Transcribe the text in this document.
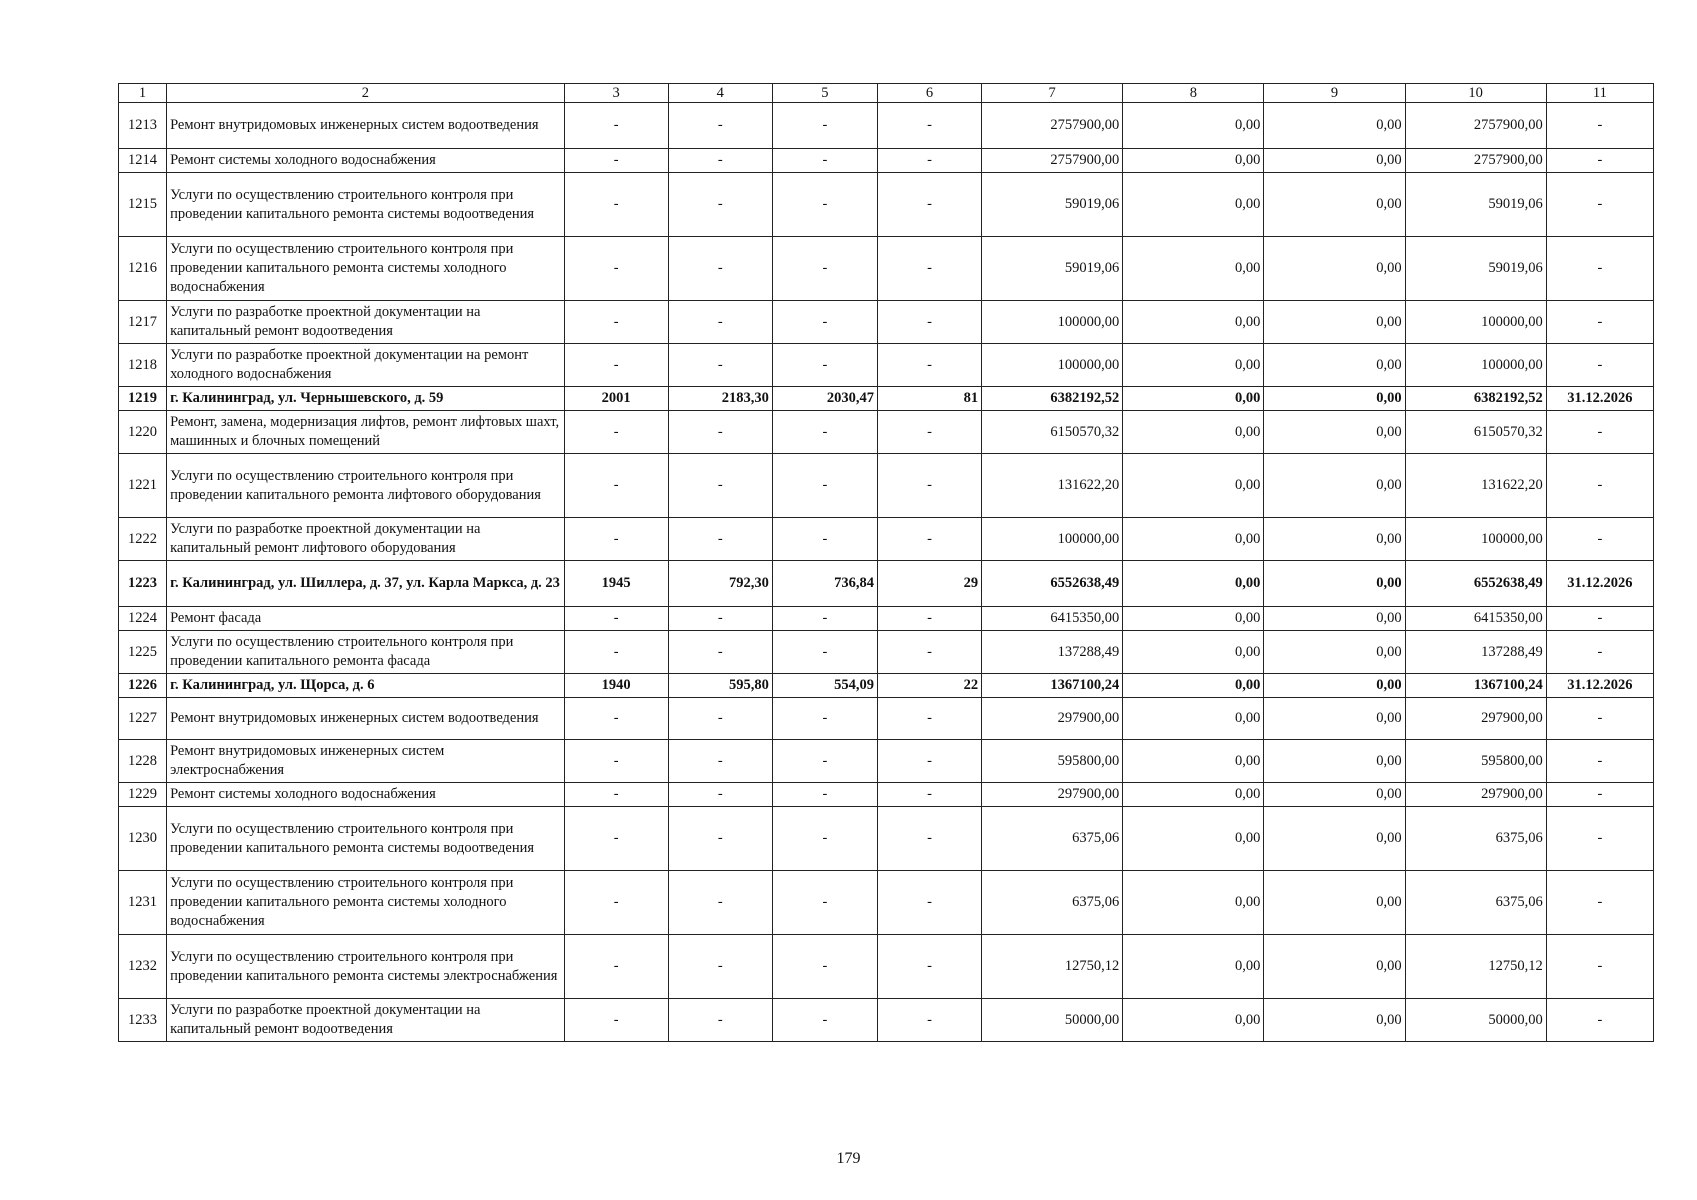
1	2	3	4	5	6	7	8	9	10	11
1213	Ремонт внутридомовых инженерных систем водоотведения	-	-	-	-	2757900,00	0,00	0,00	2757900,00	-
1214	Ремонт системы холодного водоснабжения	-	-	-	-	2757900,00	0,00	0,00	2757900,00	-
1215	Услуги по осуществлению строительного контроля при проведении капитального ремонта системы водоотведения	-	-	-	-	59019,06	0,00	0,00	59019,06	-
1216	Услуги по осуществлению строительного контроля при проведении капитального ремонта системы холодного водоснабжения	-	-	-	-	59019,06	0,00	0,00	59019,06	-
1217	Услуги по разработке проектной документации на капитальный ремонт водоотведения	-	-	-	-	100000,00	0,00	0,00	100000,00	-
1218	Услуги по разработке проектной документации на ремонт холодного водоснабжения	-	-	-	-	100000,00	0,00	0,00	100000,00	-
1219	г. Калининград, ул. Чернышевского, д. 59	2001	2183,30	2030,47	81	6382192,52	0,00	0,00	6382192,52	31.12.2026
1220	Ремонт, замена, модернизация лифтов, ремонт лифтовых шахт, машинных и блочных помещений	-	-	-	-	6150570,32	0,00	0,00	6150570,32	-
1221	Услуги по осуществлению строительного контроля при проведении капитального ремонта лифтового оборудования	-	-	-	-	131622,20	0,00	0,00	131622,20	-
1222	Услуги по разработке проектной документации на капитальный ремонт лифтового оборудования	-	-	-	-	100000,00	0,00	0,00	100000,00	-
1223	г. Калининград, ул. Шиллера, д. 37, ул. Карла Маркса, д. 23	1945	792,30	736,84	29	6552638,49	0,00	0,00	6552638,49	31.12.2026
1224	Ремонт фасада	-	-	-	-	6415350,00	0,00	0,00	6415350,00	-
1225	Услуги по осуществлению строительного контроля при проведении капитального ремонта фасада	-	-	-	-	137288,49	0,00	0,00	137288,49	-
1226	г. Калининград, ул. Щорса, д. 6	1940	595,80	554,09	22	1367100,24	0,00	0,00	1367100,24	31.12.2026
1227	Ремонт внутридомовых инженерных систем водоотведения	-	-	-	-	297900,00	0,00	0,00	297900,00	-
1228	Ремонт внутридомовых инженерных систем электроснабжения	-	-	-	-	595800,00	0,00	0,00	595800,00	-
1229	Ремонт системы холодного водоснабжения	-	-	-	-	297900,00	0,00	0,00	297900,00	-
1230	Услуги по осуществлению строительного контроля при проведении капитального ремонта системы водоотведения	-	-	-	-	6375,06	0,00	0,00	6375,06	-
1231	Услуги по осуществлению строительного контроля при проведении капитального ремонта системы холодного водоснабжения	-	-	-	-	6375,06	0,00	0,00	6375,06	-
1232	Услуги по осуществлению строительного контроля при проведении капитального ремонта системы электроснабжения	-	-	-	-	12750,12	0,00	0,00	12750,12	-
1233	Услуги по разработке проектной документации на капитальный ремонт водоотведения	-	-	-	-	50000,00	0,00	0,00	50000,00	-
179
